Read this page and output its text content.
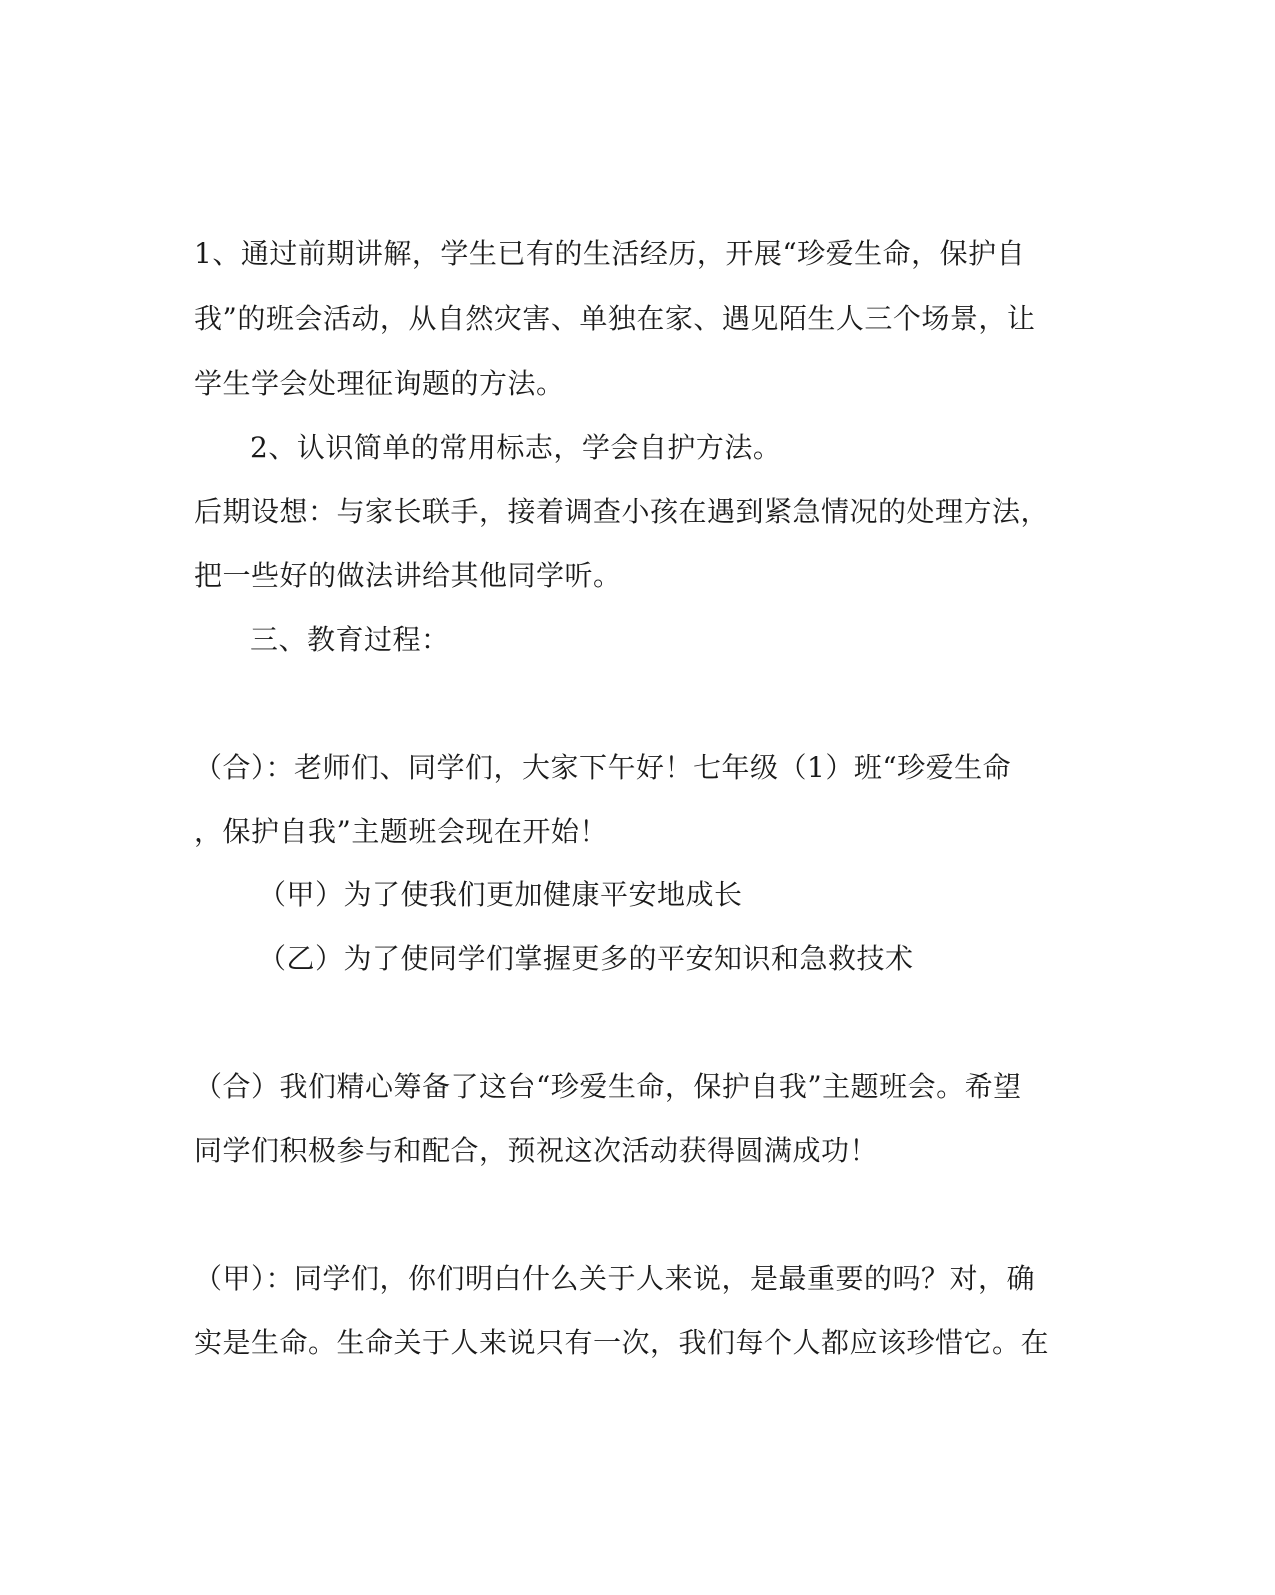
1、通过前期讲解，学生已有的生活经历，开展“珍爱生命，保护自
我”的班会活动，从自然灾害、单独在家、遇见陌生人三个场景，让
学生学会处理征询题的方法。
2、认识简单的常用标志，学会自护方法。
后期设想：与家长联手，接着调查小孩在遇到紧急情况的处理方法，
把一些好的做法讲给其他同学听。
三、教育过程：
（合）：老师们、同学们，大家下午好！七年级（1）班“珍爱生命
，保护自我”主题班会现在开始！
（甲）为了使我们更加健康平安地成长
（乙）为了使同学们掌握更多的平安知识和急救技术
（合）我们精心筹备了这台“珍爱生命，保护自我”主题班会。希望
同学们积极参与和配合，预祝这次活动获得圆满成功！
（甲）：同学们，你们明白什么关于人来说，是最重要的吗？对，确
实是生命。生命关于人来说只有一次，我们每个人都应该珍惜它。在
